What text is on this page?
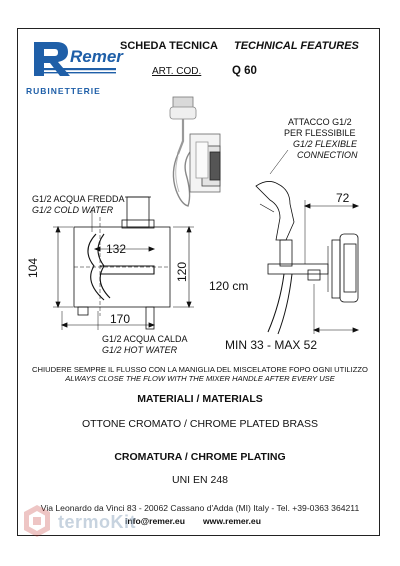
Remer
RUBINETTERIE
SCHEDA TECNICA TECHNICAL FEATURES
ART. COD.	Q 60
ATTACCO G1/2
PER FLESSIBILE
G1/2 FLEXIBLE
CONNECTION
G1/2 ACQUA FREDDA
G1/2 COLD WATER
G1/2 ACQUA CALDA
G1/2 HOT WATER
132
104	120
170
72
120 cm
MIN 33 - MAX 52
CHIUDERE SEMPRE IL FLUSSO CON LA MANIGLIA DEL MISCELATORE FOPO OGNI UTILIZZO
ALWAYS CLOSE THE FLOW WITH THE MIXER HANDLE AFTER EVERY USE
MATERIALI / MATERIALS
OTTONE CROMATO / CHROME PLATED BRASS
CROMATURA / CHROME PLATING
UNI EN 248
Via Leonardo da Vinci 83 - 20062 Cassano d'Adda (MI) Italy - Tel. +39-0363 364211
info@remer.eu www.remer.eu
termoKit
